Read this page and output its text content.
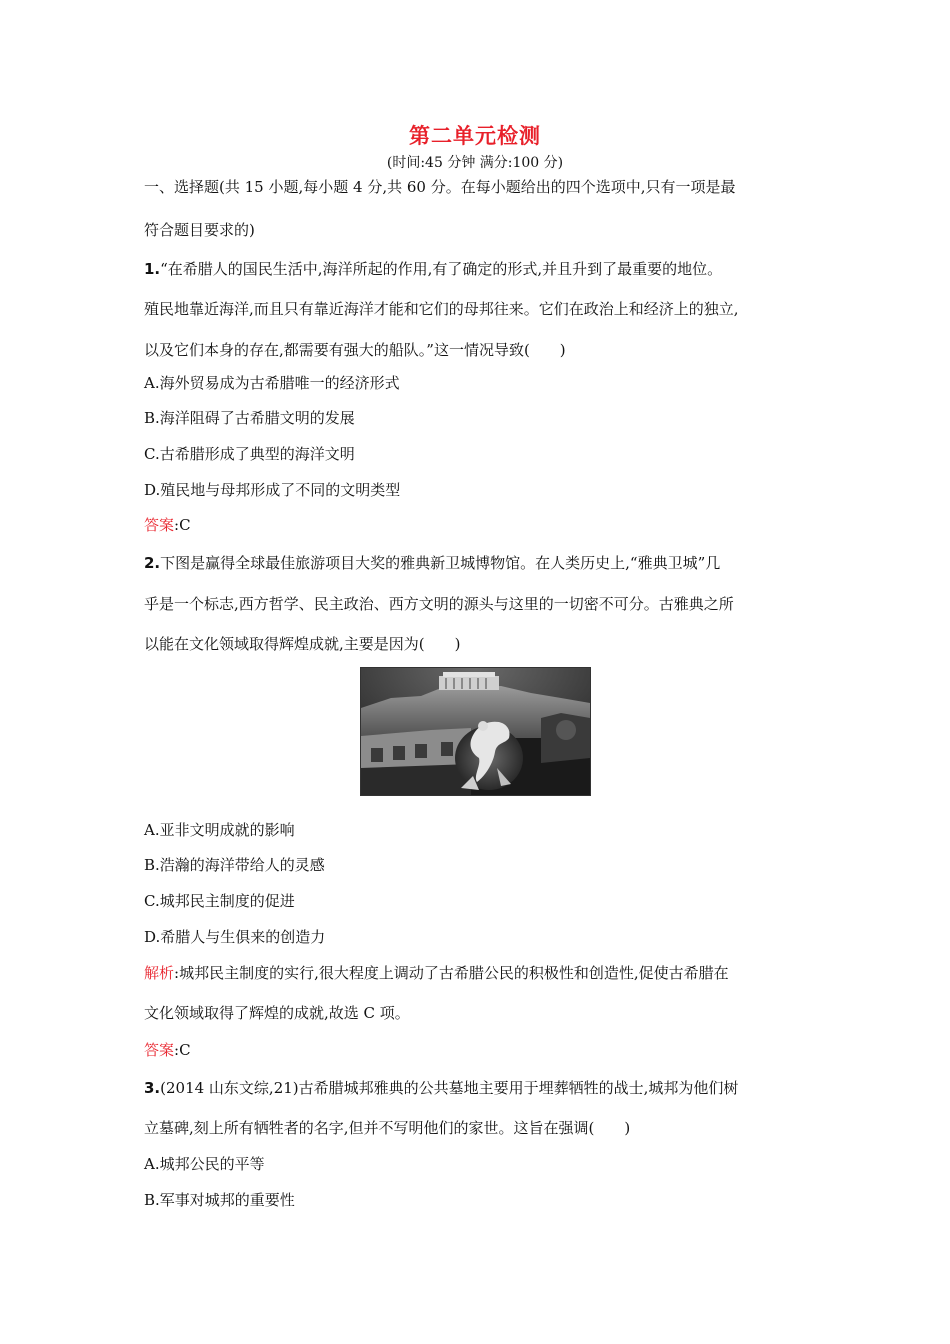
第二单元检测
(时间:45 分钟 满分:100 分)
一、选择题(共 15 小题,每小题 4 分,共 60 分。在每小题给出的四个选项中,只有一项是最
符合题目要求的)
1.“在希腊人的国民生活中,海洋所起的作用,有了确定的形式,并且升到了最重要的地位。
殖民地靠近海洋,而且只有靠近海洋才能和它们的母邦往来。它们在政治上和经济上的独立,
以及它们本身的存在,都需要有强大的船队。”这一情况导致(　　)
A.海外贸易成为古希腊唯一的经济形式
B.海洋阻碍了古希腊文明的发展
C.古希腊形成了典型的海洋文明
D.殖民地与母邦形成了不同的文明类型
答案:C
2.下图是赢得全球最佳旅游项目大奖的雅典新卫城博物馆。在人类历史上,“雅典卫城”几
乎是一个标志,西方哲学、民主政治、西方文明的源头与这里的一切密不可分。古雅典之所
以能在文化领域取得辉煌成就,主要是因为(　　)
A.亚非文明成就的影响
B.浩瀚的海洋带给人的灵感
C.城邦民主制度的促进
D.希腊人与生俱来的创造力
解析:城邦民主制度的实行,很大程度上调动了古希腊公民的积极性和创造性,促使古希腊在
文化领域取得了辉煌的成就,故选 C 项。
答案:C
3.(2014 山东文综,21)古希腊城邦雅典的公共墓地主要用于埋葬牺牲的战士,城邦为他们树
立墓碑,刻上所有牺牲者的名字,但并不写明他们的家世。这旨在强调(　　)
A.城邦公民的平等
B.军事对城邦的重要性
